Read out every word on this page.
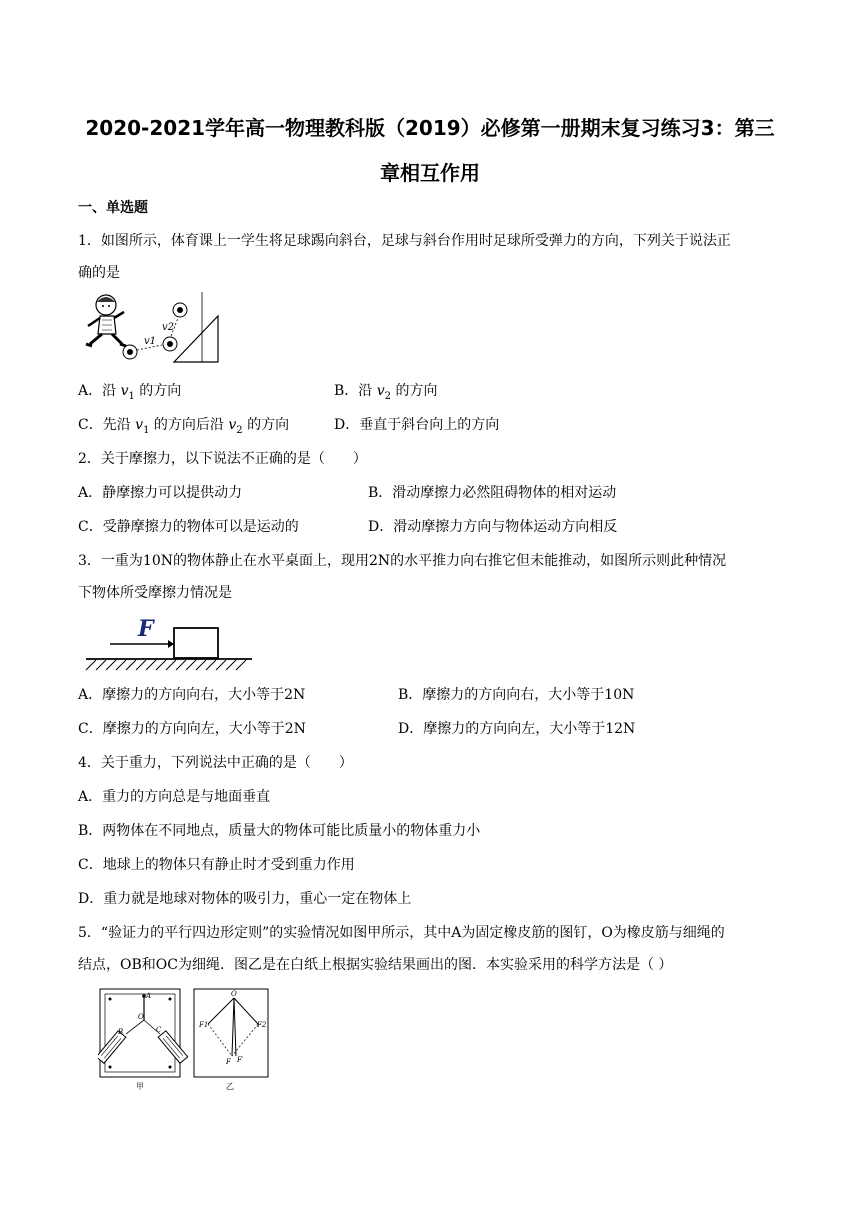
2020-2021学年高一物理教科版（2019）必修第一册期末复习练习3：第三
章相互作用
一、单选题
1．如图所示，体育课上一学生将足球踢向斜台，足球与斜台作用时足球所受弹力的方向，下列关于说法正
确的是
v1
v2
A．沿 $v_1$ 的方向	B．沿 $v_2$ 的方向
C．先沿 $v_1$ 的方向后沿 $v_2$ 的方向	D．垂直于斜台向上的方向
2．关于摩擦力，以下说法不正确的是（　　）
A．静摩擦力可以提供动力	B．滑动摩擦力必然阻碍物体的相对运动
C．受静摩擦力的物体可以是运动的	D．滑动摩擦力方向与物体运动方向相反
3．一重为10N的物体静止在水平桌面上，现用2N的水平推力向右推它但未能推动，如图所示则此种情况
下物体所受摩擦力情况是
F
A．摩擦力的方向向右，大小等于2N	B．摩擦力的方向向右，大小等于10N
C．摩擦力的方向向左，大小等于2N	D．摩擦力的方向向左，大小等于12N
4．关于重力，下列说法中正确的是（　　）
A．重力的方向总是与地面垂直
B．两物体在不同地点，质量大的物体可能比质量小的物体重力小
C．地球上的物体只有静止时才受到重力作用
D．重力就是地球对物体的吸引力，重心一定在物体上
5．“验证力的平行四边形定则”的实验情况如图甲所示，其中A为固定橡皮筋的图钉，O为橡皮筋与细绳的
结点，OB和OC为细绳．图乙是在白纸上根据实验结果画出的图．本实验采用的科学方法是（ ）
A
O
B	C
甲
O
F1	F2
F F′
乙
